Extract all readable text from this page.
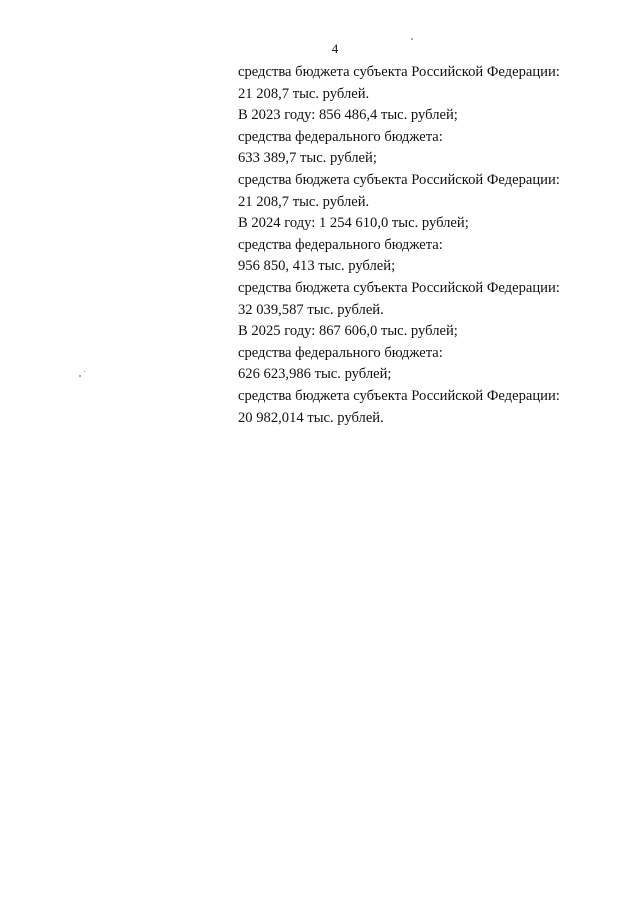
4
средства бюджета субъекта Российской Федерации:
21 208,7 тыс. рублей.
В 2023 году: 856 486,4 тыс. рублей;
средства федерального бюджета:
633 389,7 тыс. рублей;
средства бюджета субъекта Российской Федерации:
21 208,7 тыс. рублей.
В 2024 году: 1 254 610,0 тыс. рублей;
средства федерального бюджета:
956 850, 413 тыс. рублей;
средства бюджета субъекта Российской Федерации:
32 039,587 тыс. рублей.
В 2025 году: 867 606,0 тыс. рублей;
средства федерального бюджета:
626 623,986 тыс. рублей;
средства бюджета субъекта Российской Федерации:
20 982,014 тыс. рублей.
